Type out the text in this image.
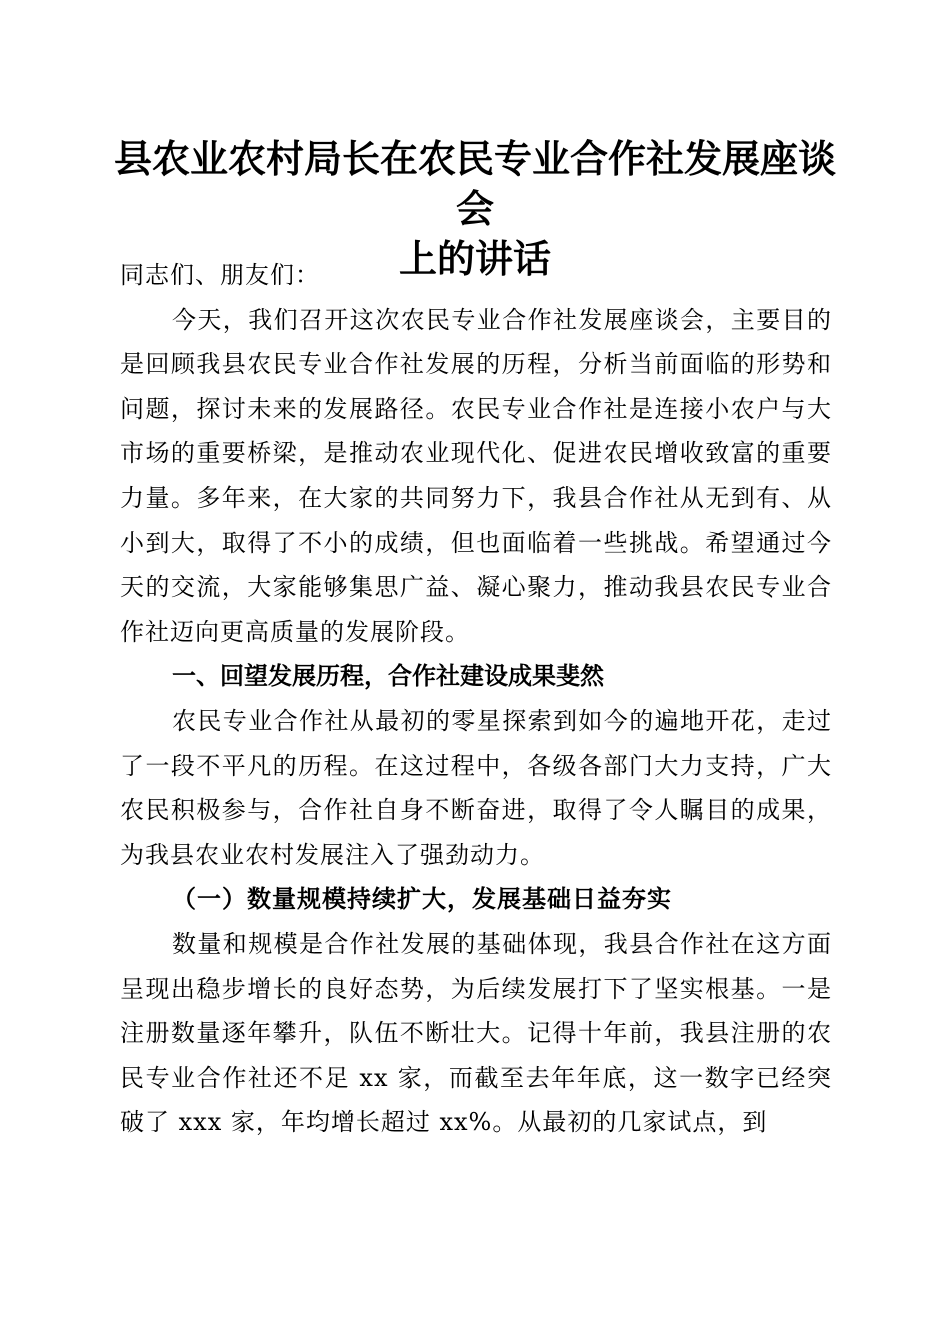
县农业农村局长在农民专业合作社发展座谈会
上的讲话

同志们、朋友们：

今天，我们召开这次农民专业合作社发展座谈会，主要目的是回顾我县农民专业合作社发展的历程，分析当前面临的形势和问题，探讨未来的发展路径。农民专业合作社是连接小农户与大市场的重要桥梁，是推动农业现代化、促进农民增收致富的重要力量。多年来，在大家的共同努力下，我县合作社从无到有、从小到大，取得了不小的成绩，但也面临着一些挑战。希望通过今天的交流，大家能够集思广益、凝心聚力，推动我县农民专业合作社迈向更高质量的发展阶段。

一、回望发展历程，合作社建设成果斐然

农民专业合作社从最初的零星探索到如今的遍地开花，走过了一段不平凡的历程。在这过程中，各级各部门大力支持，广大农民积极参与，合作社自身不断奋进，取得了令人瞩目的成果，为我县农业农村发展注入了强劲动力。

（一）数量规模持续扩大，发展基础日益夯实

数量和规模是合作社发展的基础体现，我县合作社在这方面呈现出稳步增长的良好态势，为后续发展打下了坚实根基。一是注册数量逐年攀升，队伍不断壮大。记得十年前，我县注册的农民专业合作社还不足 xx 家，而截至去年年底，这一数字已经突破了 xxx 家，年均增长超过 xx%。从最初的几家试点，到
